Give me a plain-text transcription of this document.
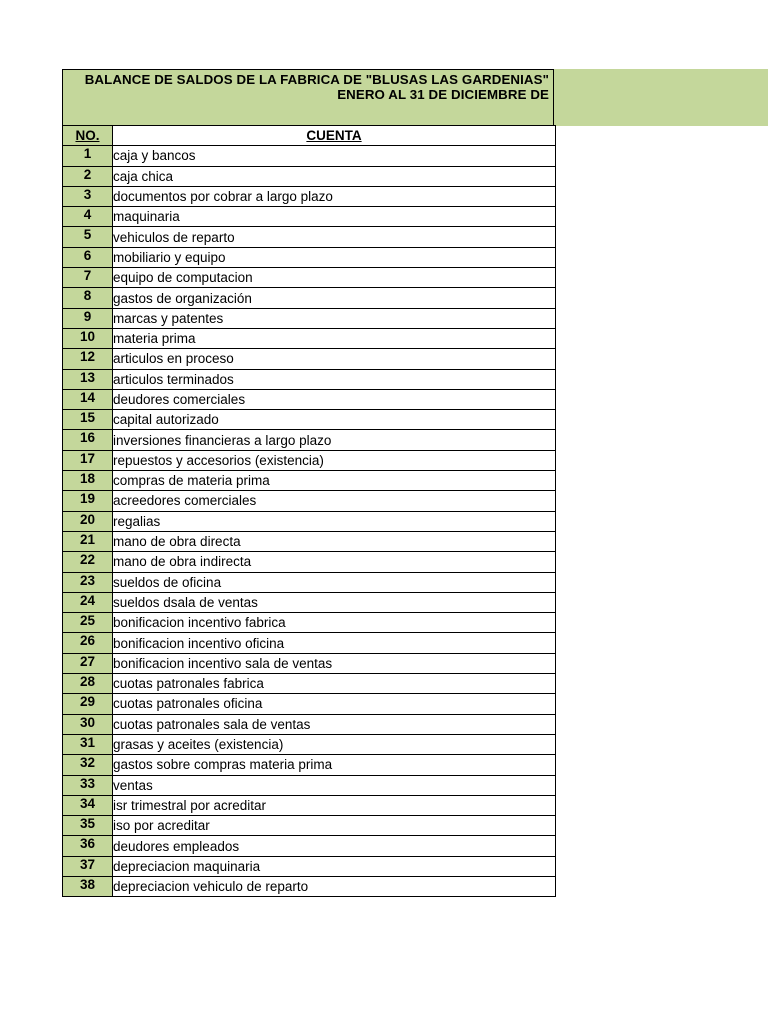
BALANCE DE SALDOS DE LA FABRICA DE "BLUSAS LAS GARDENIAS"
ENERO AL 31 DE DICIEMBRE DE
NO.	CUENTA
1	caja y bancos
2	caja chica
3	documentos por cobrar a largo plazo
4	maquinaria
5	vehiculos de reparto
6	mobiliario y equipo
7	equipo de computacion
8	gastos de organización
9	marcas y patentes
10	materia prima
12	articulos en proceso
13	articulos terminados
14	deudores comerciales
15	capital autorizado
16	inversiones financieras a largo plazo
17	repuestos y accesorios (existencia)
18	compras de materia prima
19	acreedores comerciales
20	regalias
21	mano de obra directa
22	mano de obra indirecta
23	sueldos de oficina
24	sueldos dsala de ventas
25	bonificacion incentivo fabrica
26	bonificacion incentivo oficina
27	bonificacion incentivo sala de ventas
28	cuotas patronales fabrica
29	cuotas patronales oficina
30	cuotas patronales sala de ventas
31	grasas y aceites (existencia)
32	gastos sobre compras materia prima
33	ventas
34	isr trimestral por acreditar
35	iso por acreditar
36	deudores empleados
37	depreciacion maquinaria
38	depreciacion vehiculo de reparto
